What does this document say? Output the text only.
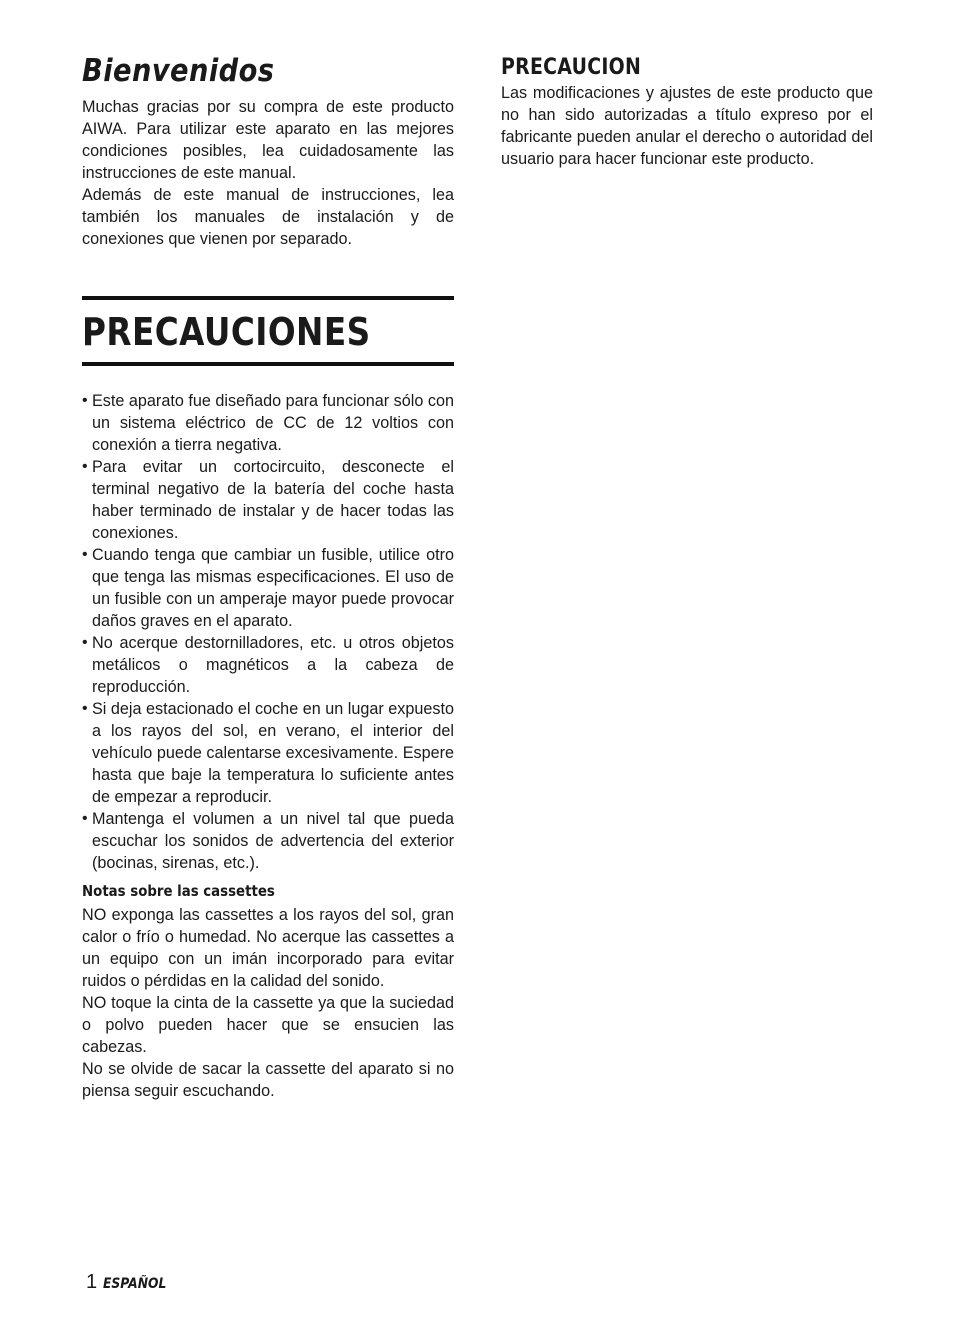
Bienvenidos

Muchas gracias por su compra de este producto AIWA. Para utilizar este aparato en las mejores condiciones posibles, lea cuidadosamente las instrucciones de este manual.

Además de este manual de instrucciones, lea también los manuales de instalación y de conexiones que vienen por separado.

PRECAUCIONES
• Este aparato fue diseñado para funcionar sólo con un sistema eléctrico de CC de 12 voltios con conexión a tierra negativa.
• Para evitar un cortocircuito, desconecte el terminal negativo de la batería del coche hasta haber terminado de instalar y de hacer todas las conexiones.
• Cuando tenga que cambiar un fusible, utilice otro que tenga las mismas especificaciones. El uso de un fusible con un amperaje mayor puede provocar daños graves en el aparato.
• No acerque destornilladores, etc. u otros objetos metálicos o magnéticos a la cabeza de reproducción.
• Si deja estacionado el coche en un lugar expuesto a los rayos del sol, en verano, el interior del vehículo puede calentarse excesivamente. Espere hasta que baje la temperatura lo suficiente antes de empezar a reproducir.
• Mantenga el volumen a un nivel tal que pueda escuchar los sonidos de advertencia del exterior (bocinas, sirenas, etc.).
Notas sobre las cassettes

NO exponga las cassettes a los rayos del sol, gran calor o frío o humedad. No acerque las cassettes a un equipo con un imán incorporado para evitar ruidos o pérdidas en la calidad del sonido.

NO toque la cinta de la cassette ya que la suciedad o polvo pueden hacer que se ensucien las cabezas.

No se olvide de sacar la cassette del aparato si no piensa seguir escuchando.

PRECAUCION

Las modificaciones y ajustes de este producto que no han sido autorizadas a título expreso por el fabricante pueden anular el derecho o autoridad del usuario para hacer funcionar este producto.

1 ESPAÑOL
